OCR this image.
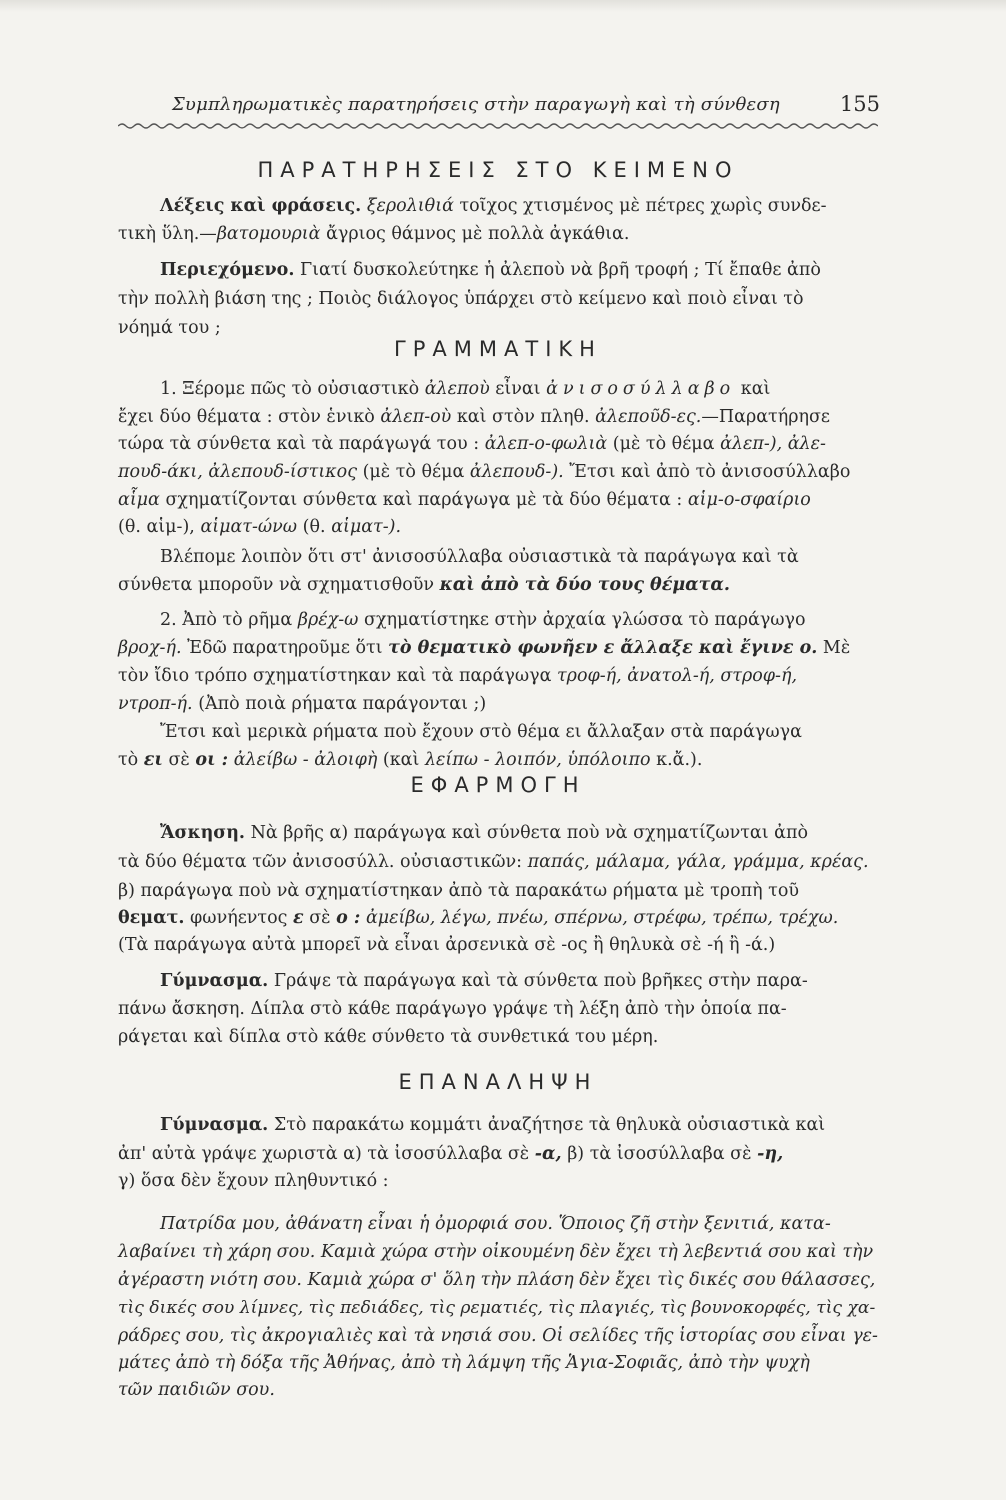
Συμπληρωματικὲς παρατηρήσεις στὴν παραγωγὴ καὶ τὴ σύνθεση	155
ΠΑΡΑΤΗΡΗΣΕΙΣ ΣΤΟ ΚΕΙΜΕΝΟ
Λέξεις καὶ φράσεις. ξερολιθιά τοῖχος χτισμένος μὲ πέτρες χωρὶς συνδε-
τικὴ ὕλη.—βατομουριὰ ἄγριος θάμνος μὲ πολλὰ ἀγκάθια.
Περιεχόμενο. Γιατί δυσκολεύτηκε ἡ ἀλεποὺ νὰ βρῆ τροφή ; Τί ἔπαθε ἀπὸ
τὴν πολλὴ βιάση της ; Ποιὸς διάλογος ὑπάρχει στὸ κείμενο καὶ ποιὸ εἶναι τὸ
νόημά του ;
ΓΡΑΜΜΑΤΙΚΗ
1. Ξέρομε πῶς τὸ οὐσιαστικὸ ἀλεποὺ εἶναι ἀνισοσύλλαβο καὶ
ἔχει δύο θέματα : στὸν ἑνικὸ ἀλεπ-οὺ καὶ στὸν πληθ. ἀλεποῦδ-ες.—Παρατήρησε
τώρα τὰ σύνθετα καὶ τὰ παράγωγά του : ἀλεπ-ο-φωλιὰ (μὲ τὸ θέμα ἀλεπ-), ἀλε-
πουδ-άκι, ἀλεπουδ-ίστικος (μὲ τὸ θέμα ἀλεπουδ-). Ἔτσι καὶ ἀπὸ τὸ ἀνισοσύλλαβο
αἷμα σχηματίζονται σύνθετα καὶ παράγωγα μὲ τὰ δύο θέματα : αἱμ-ο-σφαίριο
(θ. αἱμ-), αἱματ-ώνω (θ. αἱματ-).
Βλέπομε λοιπὸν ὅτι στ' ἀνισοσύλλαβα οὐσιαστικὰ τὰ παράγωγα καὶ τὰ
σύνθετα μποροῦν νὰ σχηματισθοῦν καὶ ἀπὸ τὰ δύο τους θέματα.
2. Ἀπὸ τὸ ρῆμα βρέχ-ω σχηματίστηκε στὴν ἀρχαία γλώσσα τὸ παράγωγο
βροχ-ή. Ἐδῶ παρατηροῦμε ὅτι τὸ θεματικὸ φωνῆεν ε ἄλλαξε καὶ ἔγινε ο. Μὲ
τὸν ἴδιο τρόπο σχηματίστηκαν καὶ τὰ παράγωγα τροφ-ή, ἀνατολ-ή, στροφ-ή,
ντροπ-ή. (Ἀπὸ ποιὰ ρήματα παράγονται ;)
Ἔτσι καὶ μερικὰ ρήματα ποὺ ἔχουν στὸ θέμα ει ἄλλαξαν στὰ παράγωγα
τὸ ει σὲ οι : ἀλείβω - ἀλοιφὴ (καὶ λείπω - λοιπόν, ὑπόλοιπο κ.ἄ.).
ΕΦΑΡΜΟΓΗ
Ἄσκηση. Νὰ βρῆς α) παράγωγα καὶ σύνθετα ποὺ νὰ σχηματίζωνται ἀπὸ
τὰ δύο θέματα τῶν ἀνισοσύλλ. οὐσιαστικῶν: παπάς, μάλαμα, γάλα, γράμμα, κρέας.
β) παράγωγα ποὺ νὰ σχηματίστηκαν ἀπὸ τὰ παρακάτω ρήματα μὲ τροπὴ τοῦ
θεματ. φωνήεντος ε σὲ ο : ἀμείβω, λέγω, πνέω, σπέρνω, στρέφω, τρέπω, τρέχω.
(Τὰ παράγωγα αὐτὰ μπορεῖ νὰ εἶναι ἀρσενικὰ σὲ -ος ἢ θηλυκὰ σὲ -ή ἢ -ά.)
Γύμνασμα. Γράψε τὰ παράγωγα καὶ τὰ σύνθετα ποὺ βρῆκες στὴν παρα-
πάνω ἄσκηση. Δίπλα στὸ κάθε παράγωγο γράψε τὴ λέξη ἀπὸ τὴν ὁποία πα-
ράγεται καὶ δίπλα στὸ κάθε σύνθετο τὰ συνθετικά του μέρη.
ΕΠΑΝΑΛΗΨΗ
Γύμνασμα. Στὸ παρακάτω κομμάτι ἀναζήτησε τὰ θηλυκὰ οὐσιαστικὰ καὶ
ἀπ' αὐτὰ γράψε χωριστὰ α) τὰ ἰσοσύλλαβα σὲ -α, β) τὰ ἰσοσύλλαβα σὲ -η,
γ) ὅσα δὲν ἔχουν πληθυντικό :
Πατρίδα μου, ἀθάνατη εἶναι ἡ ὀμορφιά σου. Ὅποιος ζῆ στὴν ξενιτιά, κατα-
λαβαίνει τὴ χάρη σου. Καμιὰ χώρα στὴν οἰκουμένη δὲν ἔχει τὴ λεβεντιά σου καὶ τὴν
ἀγέραστη νιότη σου. Καμιὰ χώρα σ' ὅλη τὴν πλάση δὲν ἔχει τὶς δικές σου θάλασσες,
τὶς δικές σου λίμνες, τὶς πεδιάδες, τὶς ρεματιές, τὶς πλαγιές, τὶς βουνοκορφές, τὶς χα-
ράδρες σου, τὶς ἀκρογιαλιὲς καὶ τὰ νησιά σου. Οἱ σελίδες τῆς ἱστορίας σου εἶναι γε-
μάτες ἀπὸ τὴ δόξα τῆς Ἀθήνας, ἀπὸ τὴ λάμψη τῆς Ἁγια-Σοφιᾶς, ἀπὸ τὴν ψυχὴ
τῶν παιδιῶν σου.
